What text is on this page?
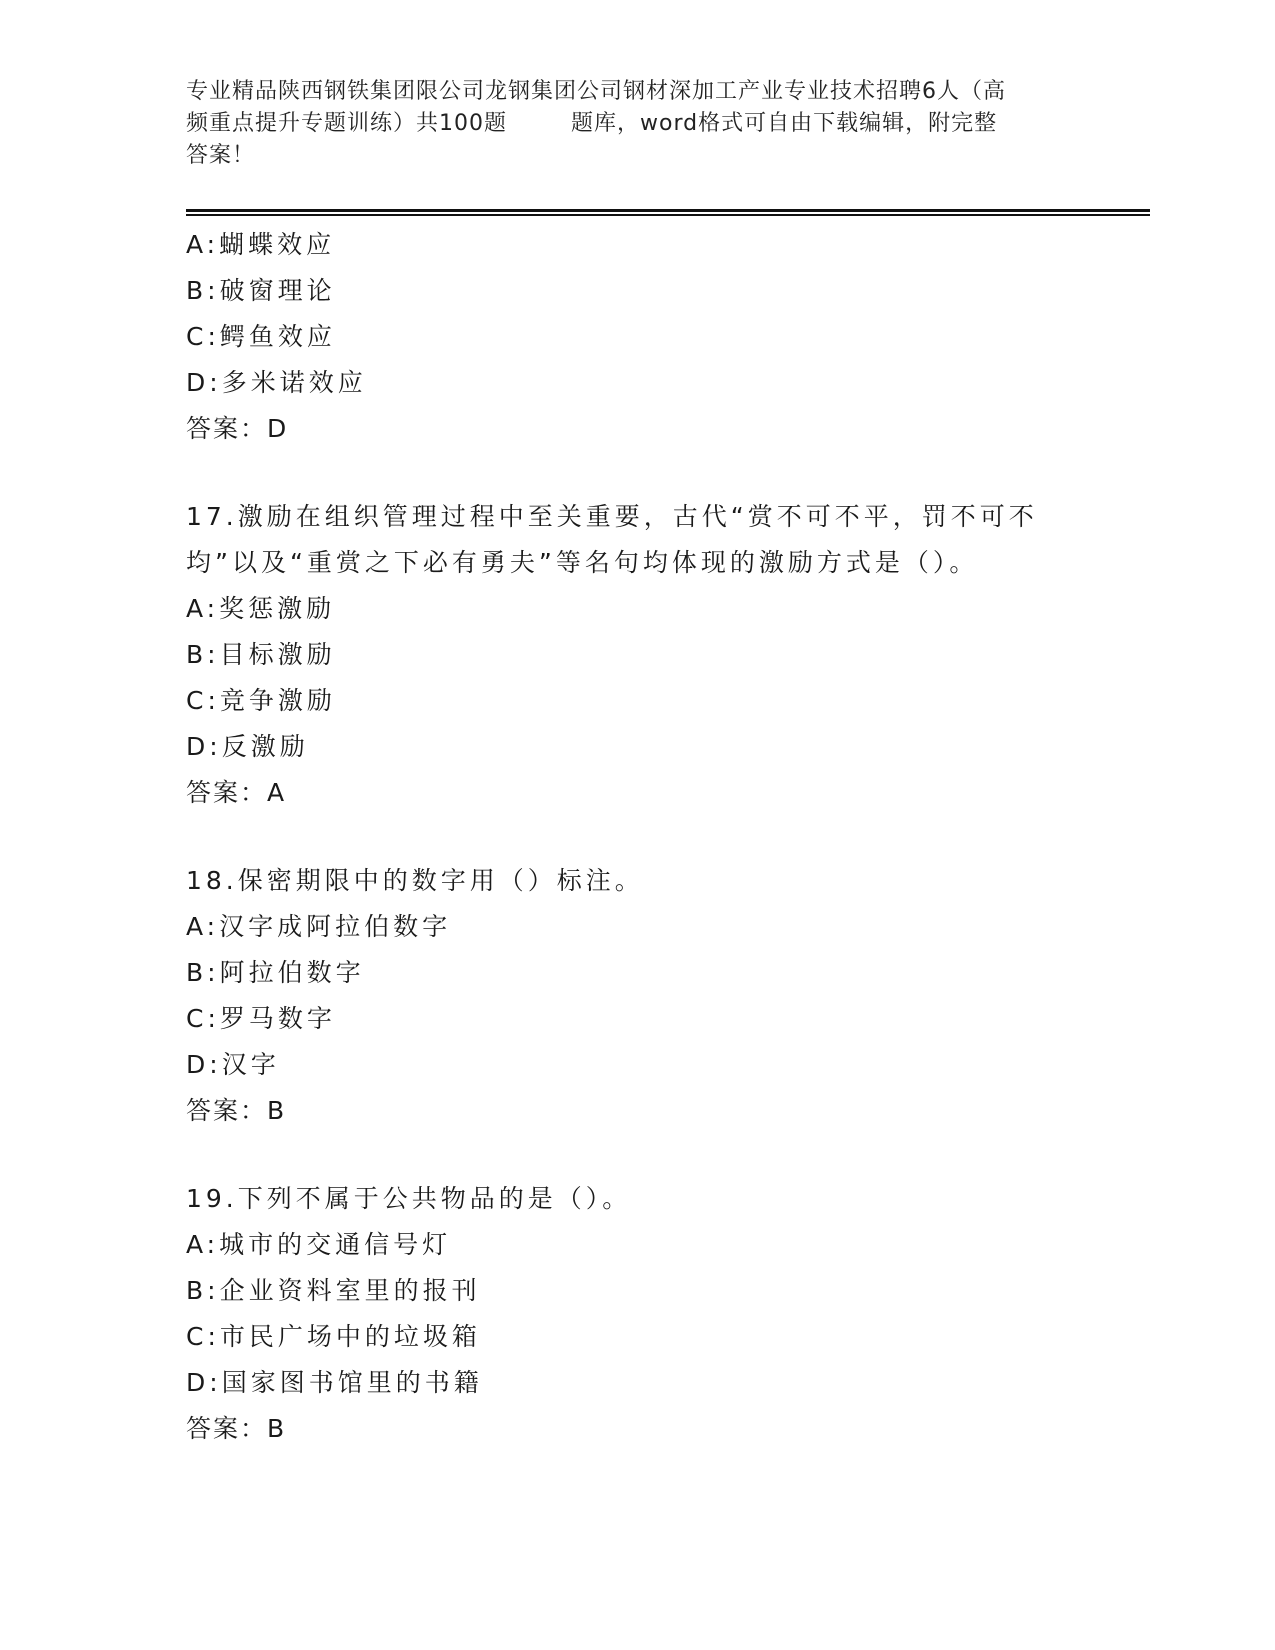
专业精品陕西钢铁集团限公司龙钢集团公司钢材深加工产业专业技术招聘6人（高
频重点提升专题训练）共100题	题库，word格式可自由下载编辑，附完整
答案！
A:蝴蝶效应
B:破窗理论
C:鳄鱼效应
D:多米诺效应
答案：D
17.激励在组织管理过程中至关重要，古代“赏不可不平，罚不可不均”以及“重赏之下必有勇夫”等名句均体现的激励方式是（）。
A:奖惩激励
B:目标激励
C:竞争激励
D:反激励
答案：A
18.保密期限中的数字用（）标注。
A:汉字成阿拉伯数字
B:阿拉伯数字
C:罗马数字
D:汉字
答案：B
19.下列不属于公共物品的是（）。
A:城市的交通信号灯
B:企业资料室里的报刊
C:市民广场中的垃圾箱
D:国家图书馆里的书籍
答案：B
